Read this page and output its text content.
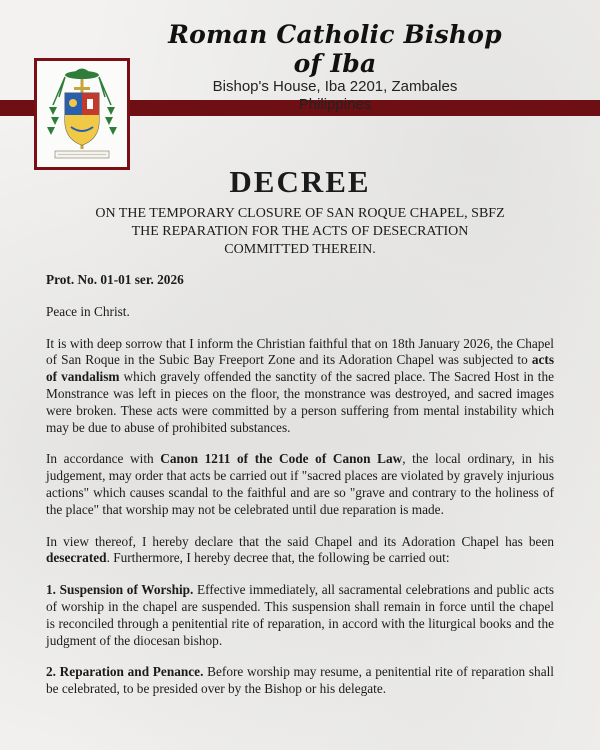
Roman Catholic Bishop of Iba
Bishop's House, Iba 2201, Zambales
Philippines
DECREE
ON THE TEMPORARY CLOSURE OF SAN ROQUE CHAPEL, SBFZ
THE REPARATION FOR THE ACTS OF DESECRATION
COMMITTED THEREIN.

Prot. No. 01-01 ser. 2026

Peace in Christ.

It is with deep sorrow that I inform the Christian faithful that on 18th January 2026, the Chapel of San Roque in the Subic Bay Freeport Zone and its Adoration Chapel was subjected to acts of vandalism which gravely offended the sanctity of the sacred place. The Sacred Host in the Monstrance was left in pieces on the floor, the monstrance was destroyed, and sacred images were broken. These acts were committed by a person suffering from mental instability which may be due to abuse of prohibited substances.

In accordance with Canon 1211 of the Code of Canon Law, the local ordinary, in his judgement, may order that acts be carried out if "sacred places are violated by gravely injurious actions" which causes scandal to the faithful and are so "grave and contrary to the holiness of the place" that worship may not be celebrated until due reparation is made.

In view thereof, I hereby declare that the said Chapel and its Adoration Chapel has been desecrated. Furthermore, I hereby decree that, the following be carried out:

1. Suspension of Worship. Effective immediately, all sacramental celebrations and public acts of worship in the chapel are suspended. This suspension shall remain in force until the chapel is reconciled through a penitential rite of reparation, in accord with the liturgical books and the judgment of the diocesan bishop.

2. Reparation and Penance. Before worship may resume, a penitential rite of reparation shall be celebrated, to be presided over by the Bishop or his delegate.
